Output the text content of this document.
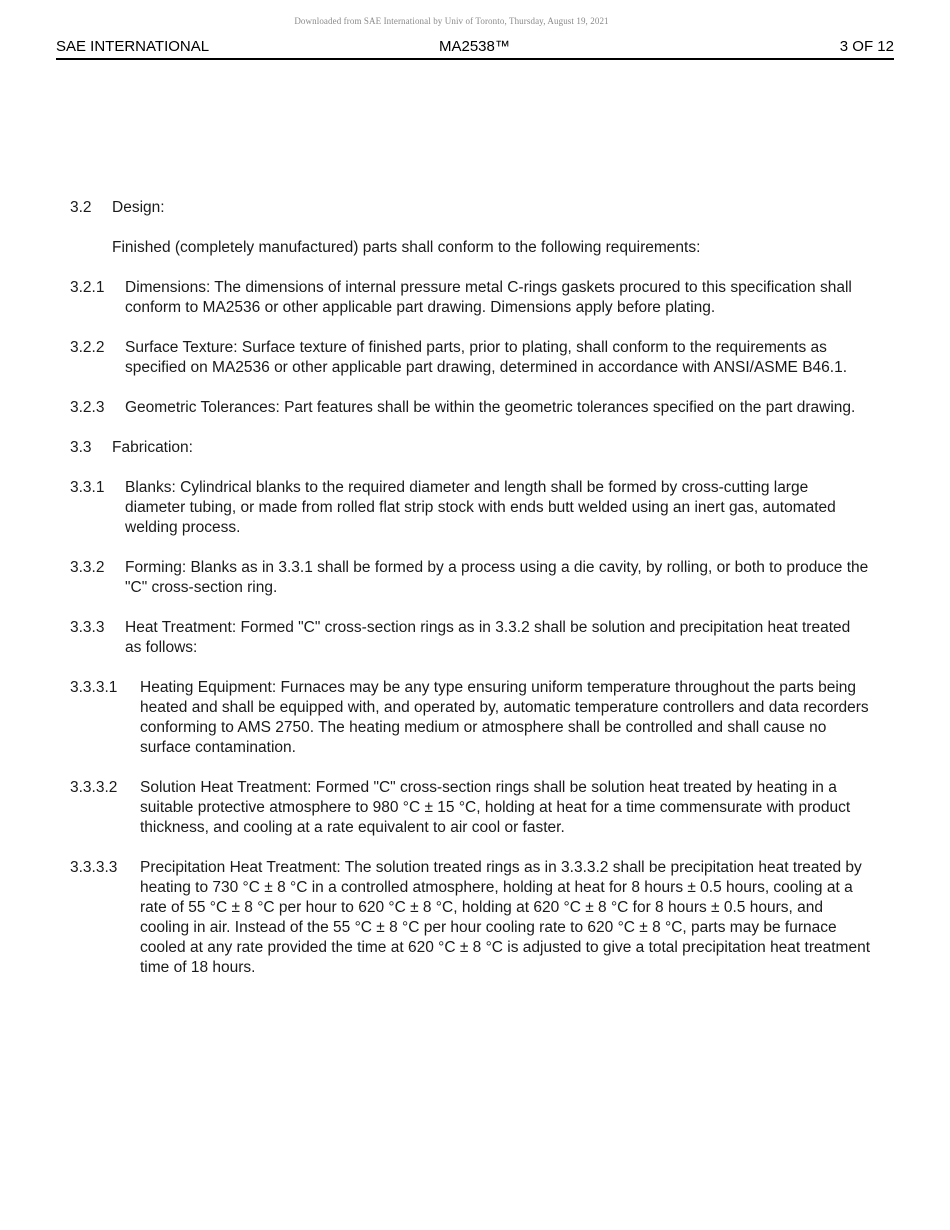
Downloaded from SAE International by Univ of Toronto, Thursday, August 19, 2021
SAE INTERNATIONAL	MA2538™	3 OF 12
3.2	Design:
Finished (completely manufactured) parts shall conform to the following requirements:
3.2.1	Dimensions: The dimensions of internal pressure metal C-rings gaskets procured to this specification shall conform to MA2536 or other applicable part drawing. Dimensions apply before plating.
3.2.2	Surface Texture: Surface texture of finished parts, prior to plating, shall conform to the requirements as specified on MA2536 or other applicable part drawing, determined in accordance with ANSI/ASME B46.1.
3.2.3	Geometric Tolerances: Part features shall be within the geometric tolerances specified on the part drawing.
3.3	Fabrication:
3.3.1	Blanks: Cylindrical blanks to the required diameter and length shall be formed by cross-cutting large diameter tubing, or made from rolled flat strip stock with ends butt welded using an inert gas, automated welding process.
3.3.2	Forming: Blanks as in 3.3.1 shall be formed by a process using a die cavity, by rolling, or both to produce the "C" cross-section ring.
3.3.3	Heat Treatment: Formed "C" cross-section rings as in 3.3.2 shall be solution and precipitation heat treated as follows:
3.3.3.1	Heating Equipment: Furnaces may be any type ensuring uniform temperature throughout the parts being heated and shall be equipped with, and operated by, automatic temperature controllers and data recorders conforming to AMS 2750. The heating medium or atmosphere shall be controlled and shall cause no surface contamination.
3.3.3.2	Solution Heat Treatment: Formed "C" cross-section rings shall be solution heat treated by heating in a suitable protective atmosphere to 980 °C ± 15 °C, holding at heat for a time commensurate with product thickness, and cooling at a rate equivalent to air cool or faster.
3.3.3.3	Precipitation Heat Treatment: The solution treated rings as in 3.3.3.2 shall be precipitation heat treated by heating to 730 °C ± 8 °C in a controlled atmosphere, holding at heat for 8 hours ± 0.5 hours, cooling at a rate of 55 °C ± 8 °C per hour to 620 °C ± 8 °C, holding at 620 °C ± 8 °C for 8 hours ± 0.5 hours, and cooling in air. Instead of the 55 °C ± 8 °C per hour cooling rate to 620 °C ± 8 °C, parts may be furnace cooled at any rate provided the time at 620 °C ± 8 °C is adjusted to give a total precipitation heat treatment time of 18 hours.
